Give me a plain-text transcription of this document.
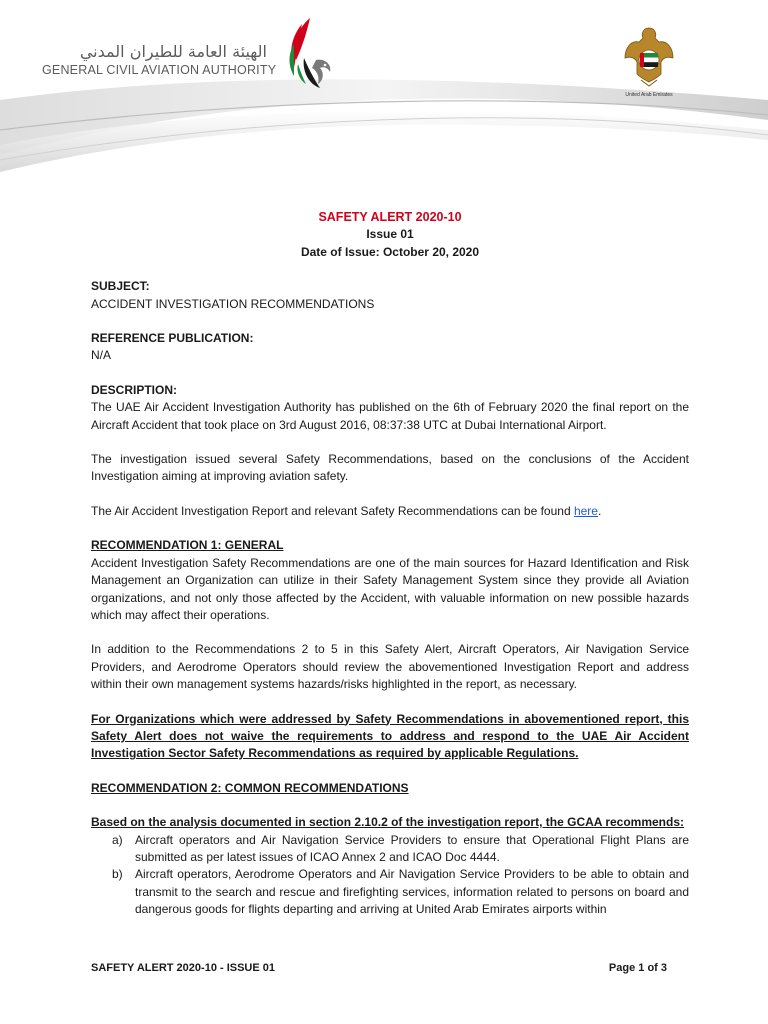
الهيئة العامة للطيران المدني
GENERAL CIVIL AVIATION AUTHORITY
United Arab Emirates

SAFETY ALERT 2020-10

Issue 01

Date of Issue: October 20, 2020

SUBJECT:

ACCIDENT INVESTIGATION RECOMMENDATIONS

REFERENCE PUBLICATION:

N/A

DESCRIPTION:

The UAE Air Accident Investigation Authority has published on the 6th of February 2020 the final report on the Aircraft Accident that took place on 3rd August 2016, 08:37:38 UTC at Dubai International Airport.

The investigation issued several Safety Recommendations, based on the conclusions of the Accident Investigation aiming at improving aviation safety.

The Air Accident Investigation Report and relevant Safety Recommendations can be found here.

RECOMMENDATION 1: GENERAL

Accident Investigation Safety Recommendations are one of the main sources for Hazard Identification and Risk Management an Organization can utilize in their Safety Management System since they provide all Aviation organizations, and not only those affected by the Accident, with valuable information on new possible hazards which may affect their operations.

In addition to the Recommendations 2 to 5 in this Safety Alert, Aircraft Operators, Air Navigation Service Providers, and Aerodrome Operators should review the abovementioned Investigation Report and address within their own management systems hazards/risks highlighted in the report, as necessary.

For Organizations which were addressed by Safety Recommendations in abovementioned report, this Safety Alert does not waive the requirements to address and respond to the UAE Air Accident Investigation Sector Safety Recommendations as required by applicable Regulations.

RECOMMENDATION 2: COMMON RECOMMENDATIONS

Based on the analysis documented in section 2.10.2 of the investigation report, the GCAA recommends:

a)	Aircraft operators and Air Navigation Service Providers to ensure that Operational Flight Plans are submitted as per latest issues of ICAO Annex 2 and ICAO Doc 4444.
b)	Aircraft operators, Aerodrome Operators and Air Navigation Service Providers to be able to obtain and transmit to the search and rescue and firefighting services, information related to persons on board and dangerous goods for flights departing and arriving at United Arab Emirates airports within
SAFETY ALERT 2020-10 - ISSUE 01	Page 1 of 3
